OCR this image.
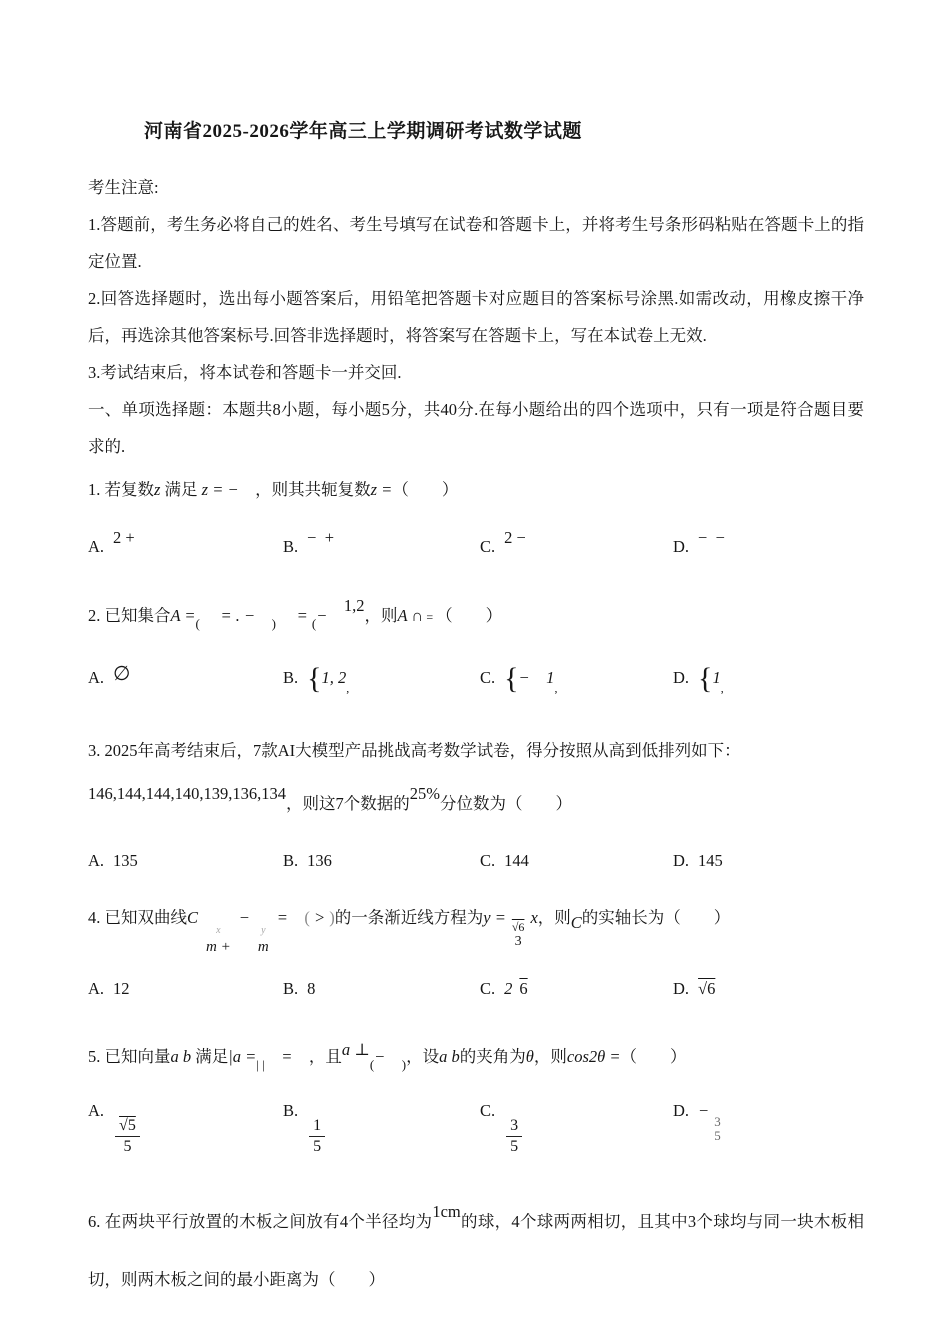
河南省2025-2026学年高三上学期调研考试数学试题

考生注意:

1.答题前，考生务必将自己的姓名、考生号填写在试卷和答题卡上，并将考生号条形码粘贴在答题卡上的指定位置.

2.回答选择题时，选出每小题答案后，用铅笔把答题卡对应题目的答案标号涂黑.如需改动，用橡皮擦干净后，再选涂其他答案标号.回答非选择题时，将答案写在答题卡上，写在本试卷上无效.

3.考试结束后，将本试卷和答题卡一并交回.

一、单项选择题：本题共8小题，每小题5分，共40分.在每小题给出的四个选项中，只有一项是符合题目要求的.

1. 若复数z 满足 z = −　，则其共轭复数z =（　　）
A. 2 +	B. −  +	C. 2 −	D. −  −
2. 已知集合$A =_($　 = . −　$_)$　 = $_($−　1,2，则A ∩ = （　　）
A. ∅	B. {1, $2_,$
C. {−　$1_,$
D. {$1_,$
3. 2025年高考结束后，7款AI大模型产品挑战高考数学试卷，得分按照从高到低排列如下：
146,144,144,140,139,136,134，则这7个数据的25%分位数为（　　）
A. 135	B. 136	C. 144	D. 145
4. 已知双曲线C
x
m +
−
y
m
=　( > )的一条渐近线方程为y = √6
3
x，则C的实轴长为（　　）
A. 12	B. 8	C. 2 6	D. √6
5. 已知向量a b 满足$|a =_{| |}$　=　，且a $\perp_(-$　$_)$，设a b的夹角为θ，则cos2θ =（　　）
A.
$\frac{√5}{5}$
B.
$\frac{1}{5}$
C.
$\frac{3}{5}$
D. −
3
5
6. 在两块平行放置的木板之间放有4个半径均为1cm的球，4个球两两相切，且其中3个球均与同一块木板相切，则两木板之间的最小距离为（　　）
